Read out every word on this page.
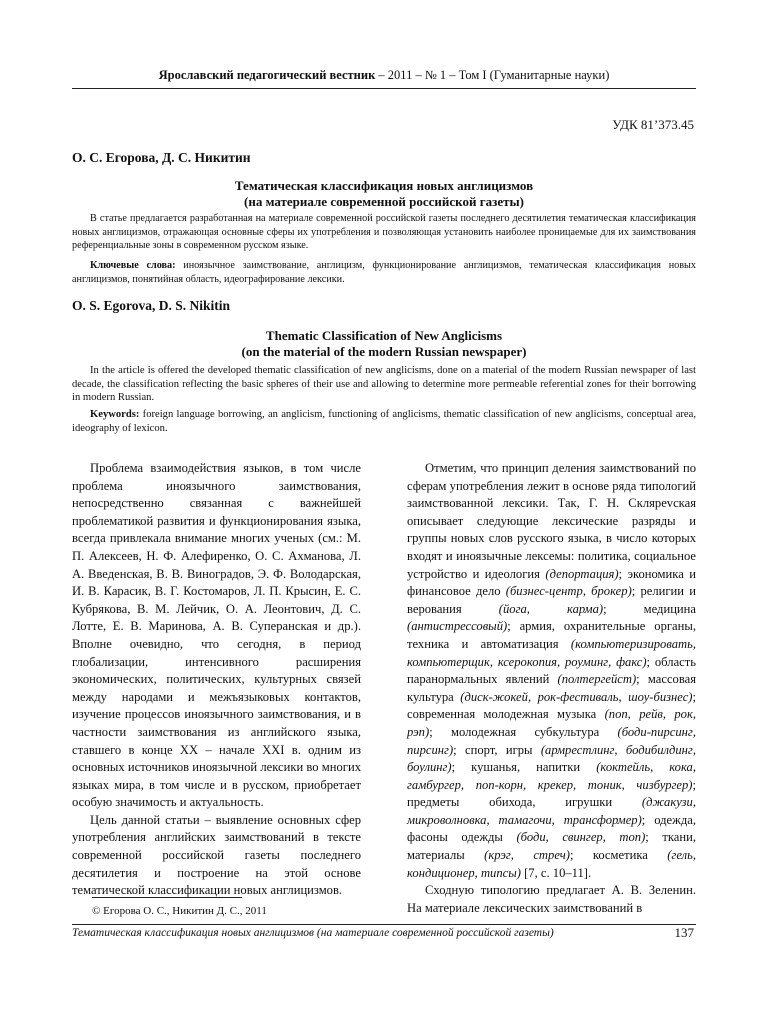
Ярославский педагогический вестник – 2011 – № 1 – Том I (Гуманитарные науки)
УДК 81’373.45
О. С. Егорова, Д. С. Никитин
Тематическая классификация новых англицизмов
(на материале современной российской газеты)
В статье предлагается разработанная на материале современной российской газеты последнего десятилетия тематическая классификация новых англицизмов, отражающая основные сферы их употребления и позволяющая установить наиболее проницаемые для их заимствования референциальные зоны в современном русском языке.
Ключевые слова: иноязычное заимствование, англицизм, функционирование англицизмов, тематическая классификация новых англицизмов, понятийная область, идеографирование лексики.
O. S. Egorova, D. S. Nikitin
Thematic Classification of New Anglicisms
(on the material of the modern Russian newspaper)
In the article is offered the developed thematic classification of new anglicisms, done on a material of the modern Russian newspaper of last decade, the classification reflecting the basic spheres of their use and allowing to determine more permeable referential zones for their borrowing in modern Russian.
Keywords: foreign language borrowing, an anglicism, functioning of anglicisms, thematic classification of new anglicisms, conceptual area, ideography of lexicon.

Проблема взаимодействия языков, в том числе проблема иноязычного заимствования, непосредственно связанная с важнейшей проблематикой развития и функционирования языка, всегда привлекала внимание многих ученых (см.: М. П. Алексеев, Н. Ф. Алефиренко, О. С. Ахманова, Л. А. Введенская, В. В. Виноградов, Э. Ф. Володарская, И. В. Карасик, В. Г. Костомаров, Л. П. Крысин, Е. С. Кубрякова, В. М. Лейчик, О. А. Леонтович, Д. С. Лотте, Е. В. Маринова, А. В. Суперанская и др.). Вполне очевидно, что сегодня, в период глобализации, интенсивного расширения экономических, политических, культурных связей между народами и межъязыковых контактов, изучение процессов иноязычного заимствования, и в частности заимствования из английского языка, ставшего в конце XX – начале XXI в. одним из основных источников иноязычной лексики во многих языках мира, в том числе и в русском, приобретает особую значимость и актуальность.

Цель данной статьи – выявление основных сфер употребления английских заимствований в тексте современной российской газеты последнего десятилетия и построение на этой основе тематической классификации новых англицизмов.

Отметим, что принцип деления заимствований по сферам употребления лежит в основе ряда типологий заимствованной лексики. Так, Г. Н. Склярevская описывает следующие лексические разряды и группы новых слов русского языка, в число которых входят и иноязычные лексемы: политика, социальное устройство и идеология (депортация); экономика и финансовое дело (бизнес-центр, брокер); религии и верования (йога, карма); медицина (антистрессовый); армия, охранительные органы, техника и автоматизация (компьютеризировать, компьютерщик, ксерокопия, роуминг, факс); область паранормальных явлений (полтергейст); массовая культура (диск-жокей, рок-фестиваль, шоу-бизнес); современная молодежная музыка (поп, рейв, рок, рэп); молодежная субкультура (боди-пирсинг, пирсинг); спорт, игры (армрестлинг, бодибилдинг, боулинг); кушанья, напитки (коктейль, кока, гамбургер, поп-корн, крекер, тоник, чизбургер); предметы обихода, игрушки (джакузи, микроволновка, тамагочи, трансформер); одежда, фасоны одежды (боди, свингер, топ); ткани, материалы (крэг, стреч); косметика (гель, кондиционер, типсы) [7, с. 10–11].

Сходную типологию предлагает А. В. Зеленин. На материале лексических заимствований в

© Егорова О. С., Никитин Д. С., 2011
Тематическая классификация новых англицизмов (на материале современной российской газеты)	137
